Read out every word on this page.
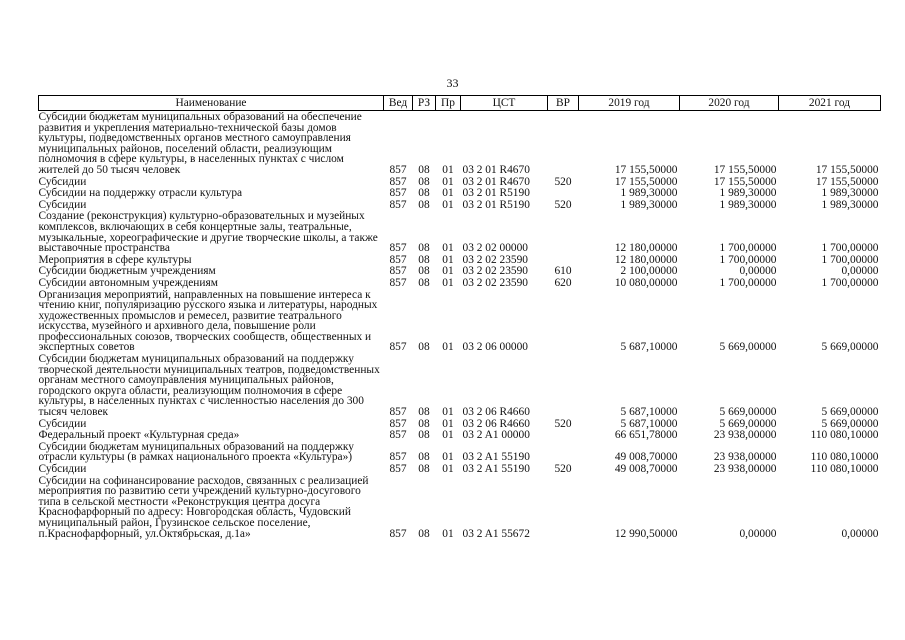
33
Наименование	Вед	РЗ	Пр	ЦСТ	ВР	2019 год	2020 год	2021 год
Субсидии бюджетам муниципальных образований на обеспечение развития и укрепления материально-технической базы домов культуры, подведомственных органов местного самоуправления муниципальных районов, поселений области, реализующим полномочия в сфере культуры, в населенных пунктах с числом жителей до 50 тысяч человек	857	08	01	03 2 01 R4670		17 155,50000	17 155,50000	17 155,50000
Субсидии	857	08	01	03 2 01 R4670	520	17 155,50000	17 155,50000	17 155,50000
Субсидии на поддержку отрасли культура	857	08	01	03 2 01 R5190		1 989,30000	1 989,30000	1 989,30000
Субсидии	857	08	01	03 2 01 R5190	520	1 989,30000	1 989,30000	1 989,30000
Создание (реконструкция) культурно-образовательных и музейных комплексов, включающих в себя концертные залы, театральные, музыкальные, хореографические и другие творческие школы, а также выставочные пространства	857	08	01	03 2 02 00000		12 180,00000	1 700,00000	1 700,00000
Мероприятия в сфере культуры	857	08	01	03 2 02 23590		12 180,00000	1 700,00000	1 700,00000
Субсидии бюджетным учреждениям	857	08	01	03 2 02 23590	610	2 100,00000	0,00000	0,00000
Субсидии автономным учреждениям	857	08	01	03 2 02 23590	620	10 080,00000	1 700,00000	1 700,00000
Организация мероприятий, направленных на повышение интереса к чтению книг, популяризацию русского языка и литературы, народных художественных промыслов и ремесел, развитие театрального искусства, музейного и архивного дела, повышение роли профессиональных союзов, творческих сообществ, общественных и экспертных советов	857	08	01	03 2 06 00000		5 687,10000	5 669,00000	5 669,00000
Субсидии бюджетам муниципальных образований на поддержку творческой деятельности муниципальных театров, подведомственных органам местного самоуправления муниципальных районов, городского округа области, реализующим полномочия в сфере культуры, в населенных пунктах с численностью населения до 300 тысяч человек	857	08	01	03 2 06 R4660		5 687,10000	5 669,00000	5 669,00000
Субсидии	857	08	01	03 2 06 R4660	520	5 687,10000	5 669,00000	5 669,00000
Федеральный проект «Культурная среда»	857	08	01	03 2 A1 00000		66 651,78000	23 938,00000	110 080,10000
Субсидии бюджетам муниципальных образований на поддержку отрасли культуры (в рамках национального проекта «Культура»)	857	08	01	03 2 A1 55190		49 008,70000	23 938,00000	110 080,10000
Субсидии	857	08	01	03 2 A1 55190	520	49 008,70000	23 938,00000	110 080,10000
Субсидии на софинансирование расходов, связанных с реализацией мероприятия по развитию сети учреждений культурно-досугового типа в сельской местности «Реконструкция центра досуга Краснофарфорный по адресу: Новгородская область, Чудовский муниципальный район, Грузинское сельское поселение, п.Краснофарфорный, ул.Октябрьская, д.1а»	857	08	01	03 2 A1 55672		12 990,50000	0,00000	0,00000
